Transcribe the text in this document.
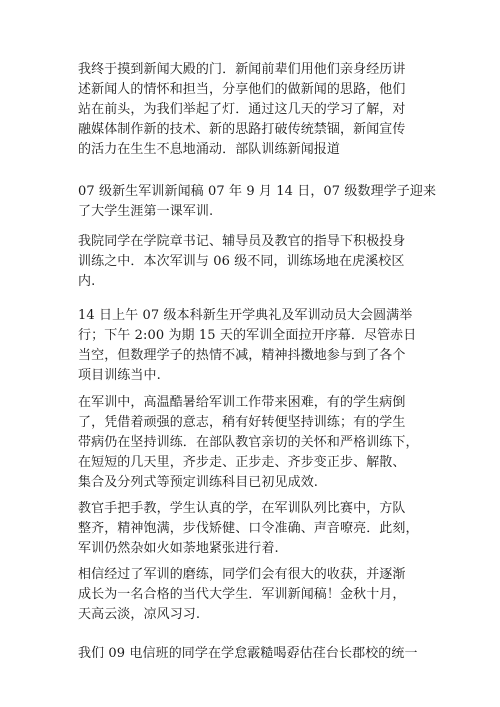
我终于摸到新闻大殿的门．新闻前辈们用他们亲身经历讲
述新闻人的情怀和担当，分享他们的做新闻的思路，他们
站在前头，为我们举起了灯．通过这几天的学习了解，对
融媒体制作新的技术、新的思路打破传统禁锢，新闻宣传
的活力在生生不息地涌动．部队训练新闻报道
07 级新生军训新闻稿 07 年 9 月 14 日，07 级数理学子迎来
了大学生涯第一课军训.
我院同学在学院章书记、辅导员及教官的指导下积极投身
训练之中．本次军训与 06 级不同，训练场地在虎溪校区
内.
14 日上午 07 级本科新生开学典礼及军训动员大会圆满举
行；下午 2:00 为期 15 天的军训全面拉开序幕．尽管赤日
当空，但数理学子的热情不减，精神抖擞地参与到了各个
项目训练当中.
在军训中，高温酷暑给军训工作带来困难，有的学生病倒
了，凭借着顽强的意志，稍有好转便坚持训练；有的学生
带病仍在坚持训练．在部队教官亲切的关怀和严格训练下，
在短短的几天里，齐步走、正步走、齐步变正步、解散、
集合及分列式等预定训练科目已初见成效.
教官手把手教，学生认真的学，在军训队列比赛中，方队
整齐，精神饱满，步伐矫健、口令准确、声音嘹亮．此刻，
军训仍然杂如火如荼地紧张进行着.
相信经过了军训的磨练，同学们会有很大的收获，并逐渐
成长为一名合格的当代大学生．军训新闻稿！金秋十月，
天高云淡，凉风习习.
我们 09 电信班的同学在学怠霰糙喝孬估荏台长郡校的统一
